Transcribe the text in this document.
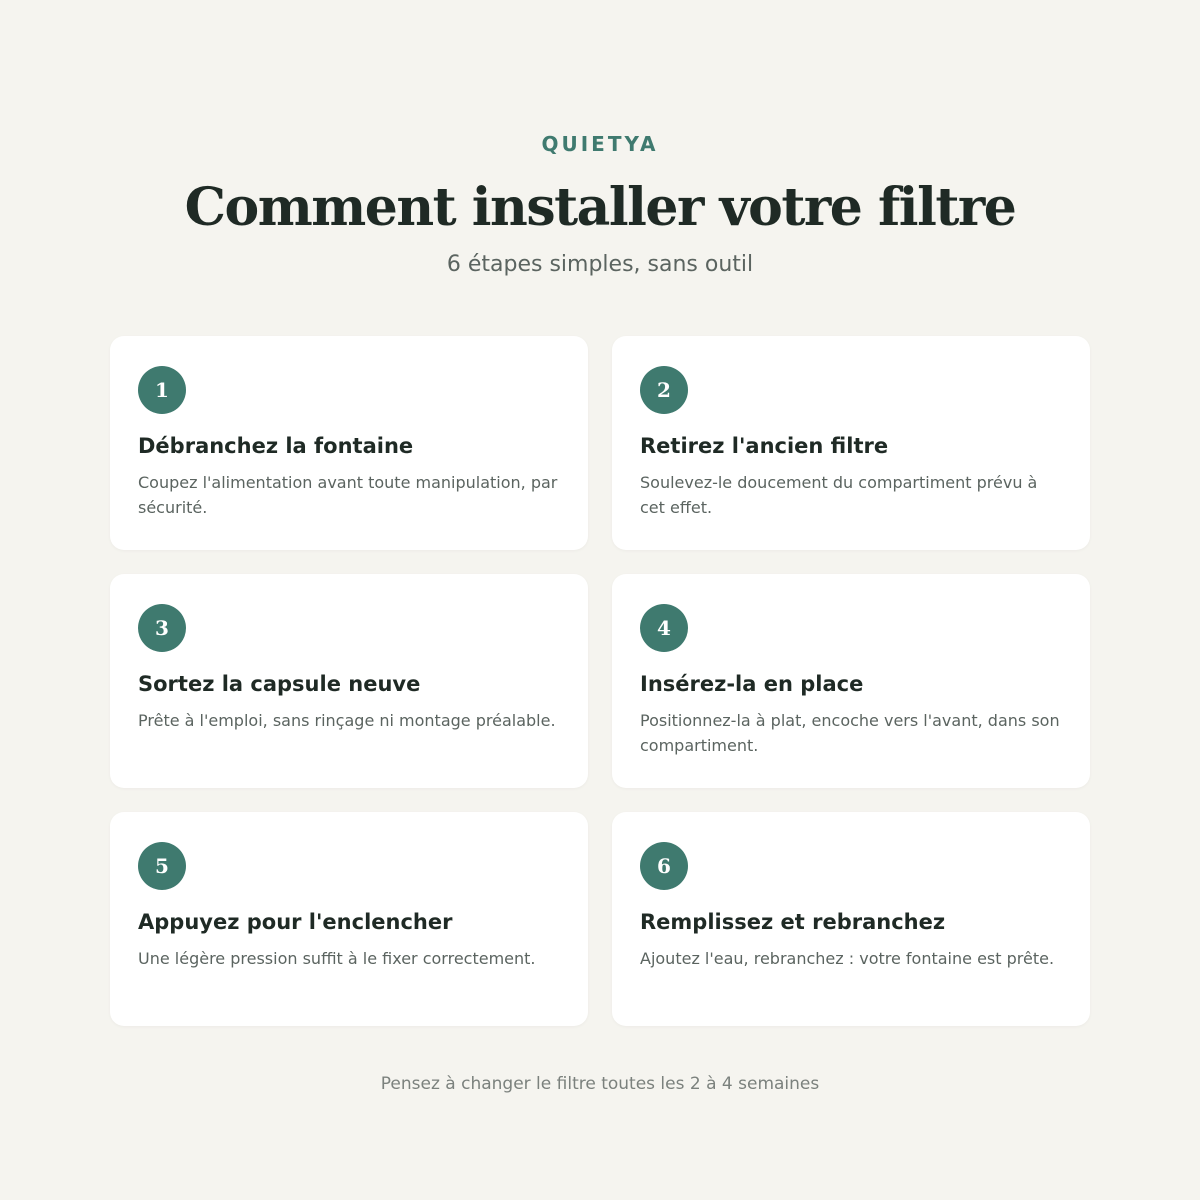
QUIETYA
Comment installer votre filtre
6 étapes simples, sans outil
1
Débranchez la fontaine
Coupez l'alimentation avant toute manipulation, par sécurité.
2
Retirez l'ancien filtre
Soulevez-le doucement du compartiment prévu à cet effet.
3
Sortez la capsule neuve
Prête à l'emploi, sans rinçage ni montage préalable.
4
Insérez-la en place
Positionnez-la à plat, encoche vers l'avant, dans son compartiment.
5
Appuyez pour l'enclencher
Une légère pression suffit à le fixer correctement.
6
Remplissez et rebranchez
Ajoutez l'eau, rebranchez : votre fontaine est prête.
Pensez à changer le filtre toutes les 2 à 4 semaines
